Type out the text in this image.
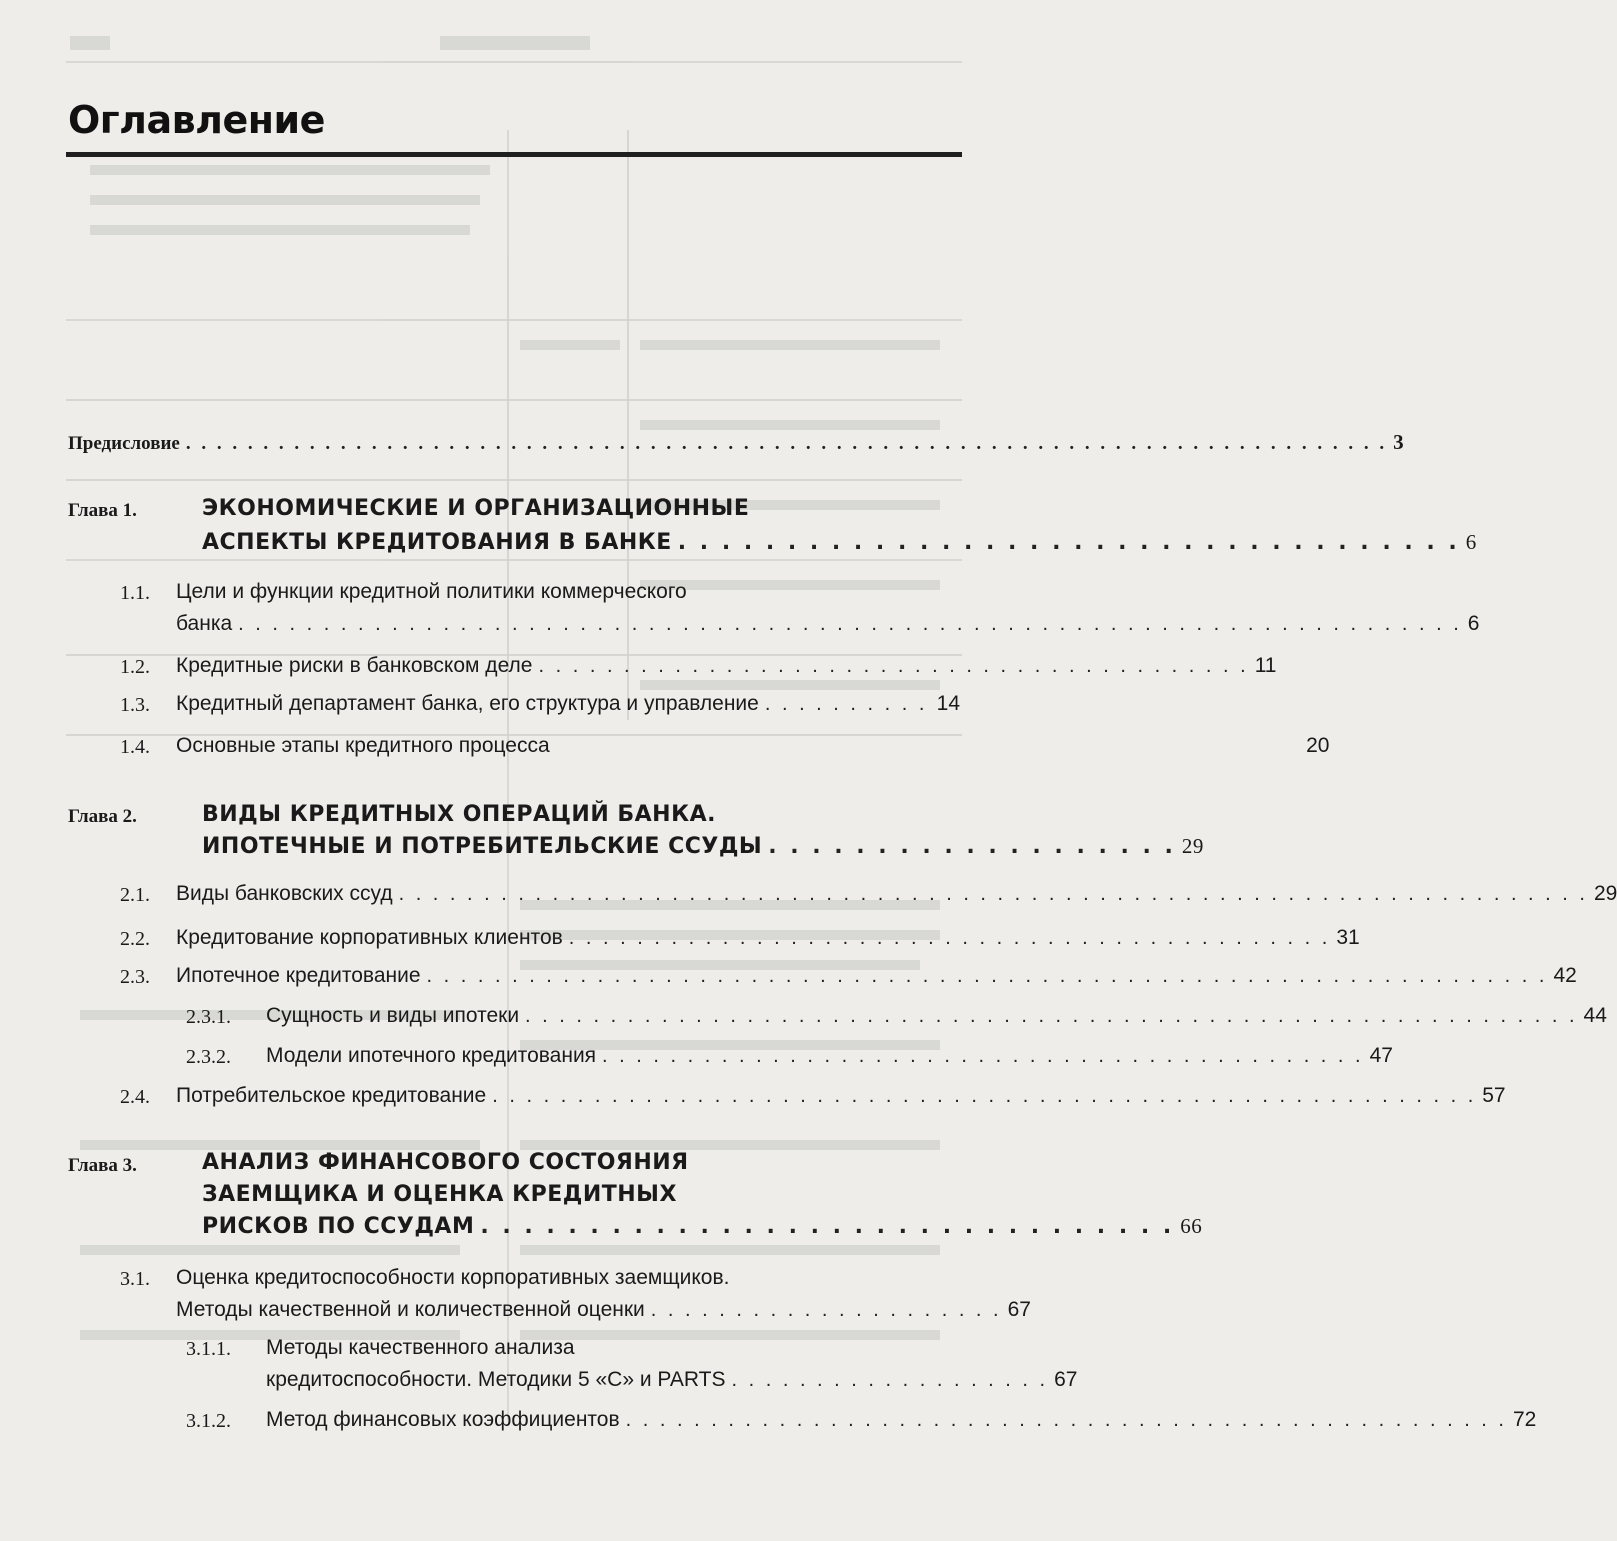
Оглавление
Предисловие . . . . . . . . . . . . . . . . . . . . . . . . . . . . . . . . . . . . . . . . . . . . . . . . . . . . . . . . . . . . . . . . . . . . . . . . . . . . . . 3
Глава 1.	ЭКОНОМИЧЕСКИЕ И ОРГАНИЗАЦИОННЫЕ
АСПЕКТЫ КРЕДИТОВАНИЯ В БАНКЕ . . . . . . . . . . . . . . . . . . . . . . . . . . . . . . . . . . . . 6
1.1. Цели и функции кредитной политики коммерческого
банка . . . . . . . . . . . . . . . . . . . . . . . . . . . . . . . . . . . . . . . . . . . . . . . . . . . . . . . . . . . . . . . . . . . . . . . . 6
1.2. Кредитные риски в банковском деле . . . . . . . . . . . . . . . . . . . . . . . . . . . . . . . . . . . . . . . . . . 11
1.3. Кредитный департамент банка, его структура и управление . . . . . . . . . . 14
1.4. Основные этапы кредитного процесса	20
Глава 2.	ВИДЫ КРЕДИТНЫХ ОПЕРАЦИЙ БАНКА.
ИПОТЕЧНЫЕ И ПОТРЕБИТЕЛЬСКИЕ ССУДЫ . . . . . . . . . . . . . . . . . . . 29
2.1. Виды банковских ссуд . . . . . . . . . . . . . . . . . . . . . . . . . . . . . . . . . . . . . . . . . . . . . . . . . . . . . . . . . . . . . . . . . . . . . . 29
2.2. Кредитование корпоративных клиентов . . . . . . . . . . . . . . . . . . . . . . . . . . . . . . . . . . . . . . . . . . . . . 31
2.3. Ипотечное кредитование . . . . . . . . . . . . . . . . . . . . . . . . . . . . . . . . . . . . . . . . . . . . . . . . . . . . . . . . . . . . . . . . . . 42
2.3.1. Сущность и виды ипотеки . . . . . . . . . . . . . . . . . . . . . . . . . . . . . . . . . . . . . . . . . . . . . . . . . . . . . . . . . . . . . . 44
2.3.2. Модели ипотечного кредитования . . . . . . . . . . . . . . . . . . . . . . . . . . . . . . . . . . . . . . . . . . . . . 47
2.4. Потребительское кредитование . . . . . . . . . . . . . . . . . . . . . . . . . . . . . . . . . . . . . . . . . . . . . . . . . . . . . . . . . . 57
Глава 3.	АНАЛИЗ ФИНАНСОВОГО СОСТОЯНИЯ
ЗАЕМЩИКА И ОЦЕНКА КРЕДИТНЫХ
РИСКОВ ПО ССУДАМ . . . . . . . . . . . . . . . . . . . . . . . . . . . . . . . . 66
3.1. Оценка кредитоспособности корпоративных заемщиков.
Методы качественной и количественной оценки . . . . . . . . . . . . . . . . . . . . . 67
3.1.1. Методы качественного анализа
кредитоспособности. Методики 5 «С» и PARTS . . . . . . . . . . . . . . . . . . . 67
3.1.2. Метод финансовых коэффициентов . . . . . . . . . . . . . . . . . . . . . . . . . . . . . . . . . . . . . . . . . . . . . . . . . . . . 72
